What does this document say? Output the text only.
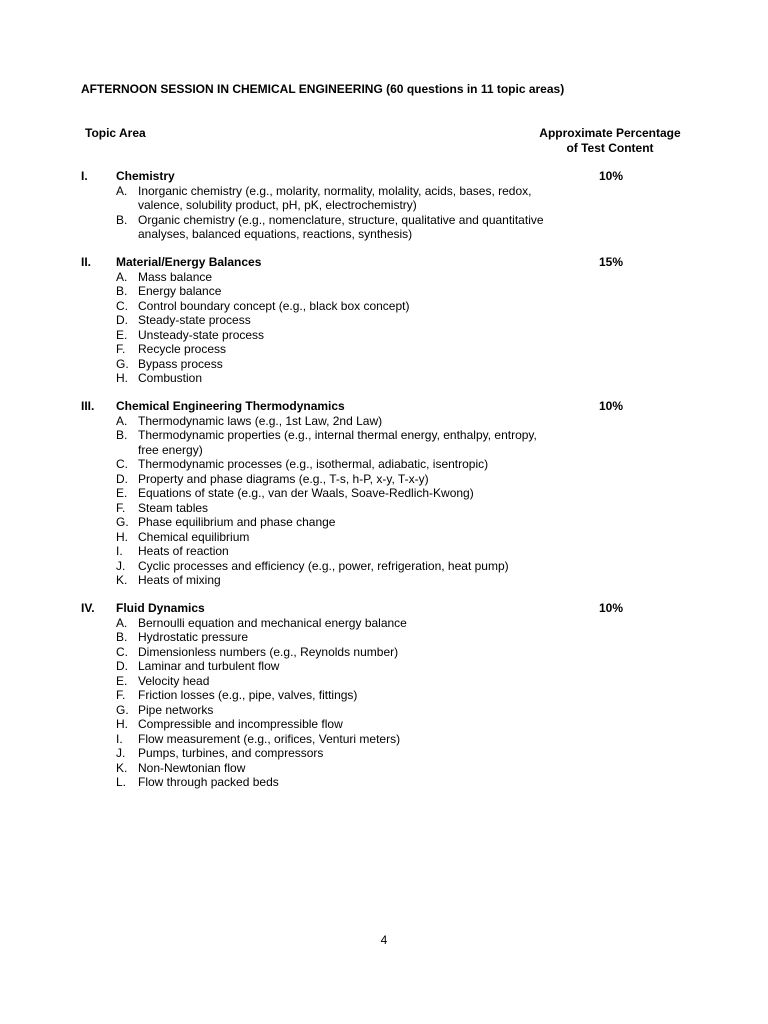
AFTERNOON SESSION IN CHEMICAL ENGINEERING (60 questions in 11 topic areas)
Topic Area	Approximate Percentage
of Test Content
I. Chemistry	10%
A. Inorganic chemistry (e.g., molarity, normality, molality, acids, bases, redox, valence, solubility product, pH, pK, electrochemistry)
B. Organic chemistry (e.g., nomenclature, structure, qualitative and quantitative analyses, balanced equations, reactions, synthesis)
II. Material/Energy Balances	15%
A. Mass balance
B. Energy balance
C. Control boundary concept (e.g., black box concept)
D. Steady-state process
E. Unsteady-state process
F. Recycle process
G. Bypass process
H. Combustion
III. Chemical Engineering Thermodynamics	10%
A. Thermodynamic laws (e.g., 1st Law, 2nd Law)
B. Thermodynamic properties (e.g., internal thermal energy, enthalpy, entropy, free energy)
C. Thermodynamic processes (e.g., isothermal, adiabatic, isentropic)
D. Property and phase diagrams (e.g., T-s, h-P, x-y, T-x-y)
E. Equations of state (e.g., van der Waals, Soave-Redlich-Kwong)
F. Steam tables
G. Phase equilibrium and phase change
H. Chemical equilibrium
I. Heats of reaction
J. Cyclic processes and efficiency (e.g., power, refrigeration, heat pump)
K. Heats of mixing
IV. Fluid Dynamics	10%
A. Bernoulli equation and mechanical energy balance
B. Hydrostatic pressure
C. Dimensionless numbers (e.g., Reynolds number)
D. Laminar and turbulent flow
E. Velocity head
F. Friction losses (e.g., pipe, valves, fittings)
G. Pipe networks
H. Compressible and incompressible flow
I. Flow measurement (e.g., orifices, Venturi meters)
J. Pumps, turbines, and compressors
K. Non-Newtonian flow
L. Flow through packed beds
4
